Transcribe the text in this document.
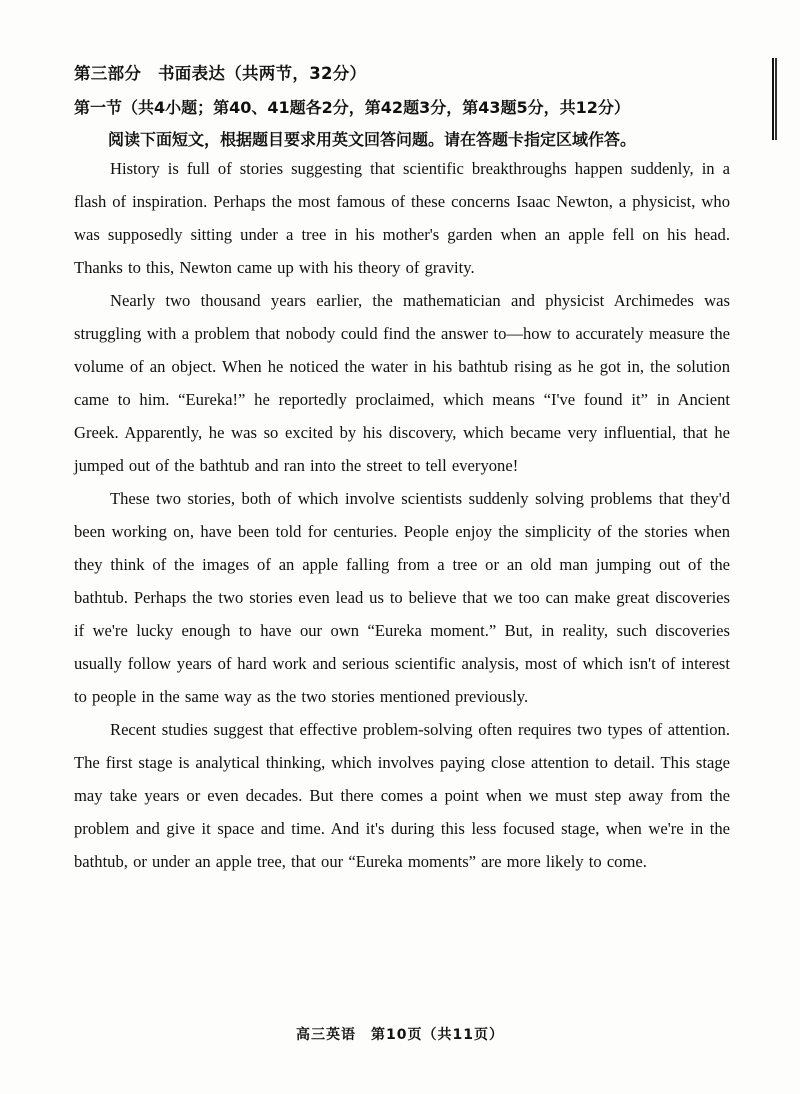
第三部分　书面表达（共两节，32分）
第一节（共4小题；第40、41题各2分，第42题3分，第43题5分，共12分）
阅读下面短文，根据题目要求用英文回答问题。请在答题卡指定区域作答。

History is full of stories suggesting that scientific breakthroughs happen suddenly, in a flash of inspiration. Perhaps the most famous of these concerns Isaac Newton, a physicist, who was supposedly sitting under a tree in his mother's garden when an apple fell on his head. Thanks to this, Newton came up with his theory of gravity.

Nearly two thousand years earlier, the mathematician and physicist Archimedes was struggling with a problem that nobody could find the answer to—how to accurately measure the volume of an object. When he noticed the water in his bathtub rising as he got in, the solution came to him. “Eureka!” he reportedly proclaimed, which means “I've found it” in Ancient Greek. Apparently, he was so excited by his discovery, which became very influential, that he jumped out of the bathtub and ran into the street to tell everyone!

These two stories, both of which involve scientists suddenly solving problems that they'd been working on, have been told for centuries. People enjoy the simplicity of the stories when they think of the images of an apple falling from a tree or an old man jumping out of the bathtub. Perhaps the two stories even lead us to believe that we too can make great discoveries if we're lucky enough to have our own “Eureka moment.” But, in reality, such discoveries usually follow years of hard work and serious scientific analysis, most of which isn't of interest to people in the same way as the two stories mentioned previously.

Recent studies suggest that effective problem-solving often requires two types of attention. The first stage is analytical thinking, which involves paying close attention to detail. This stage may take years or even decades. But there comes a point when we must step away from the problem and give it space and time. And it's during this less focused stage, when we're in the bathtub, or under an apple tree, that our “Eureka moments” are more likely to come.

高三英语　第10页（共11页）
